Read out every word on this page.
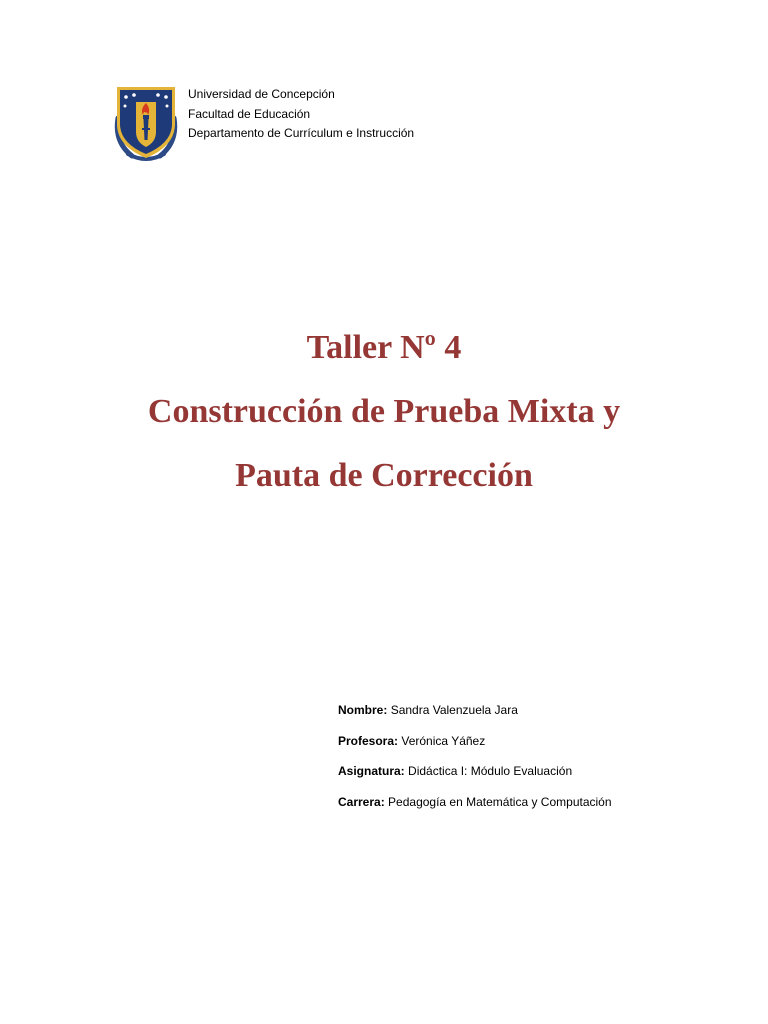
Universidad de Concepción
Facultad de Educación
Departamento de Currículum e Instrucción
Taller Nº 4
Construcción de Prueba Mixta y
Pauta de Corrección
Nombre: Sandra Valenzuela Jara
Profesora: Verónica Yáñez
Asignatura: Didáctica I: Módulo Evaluación
Carrera: Pedagogía en Matemática y Computación
